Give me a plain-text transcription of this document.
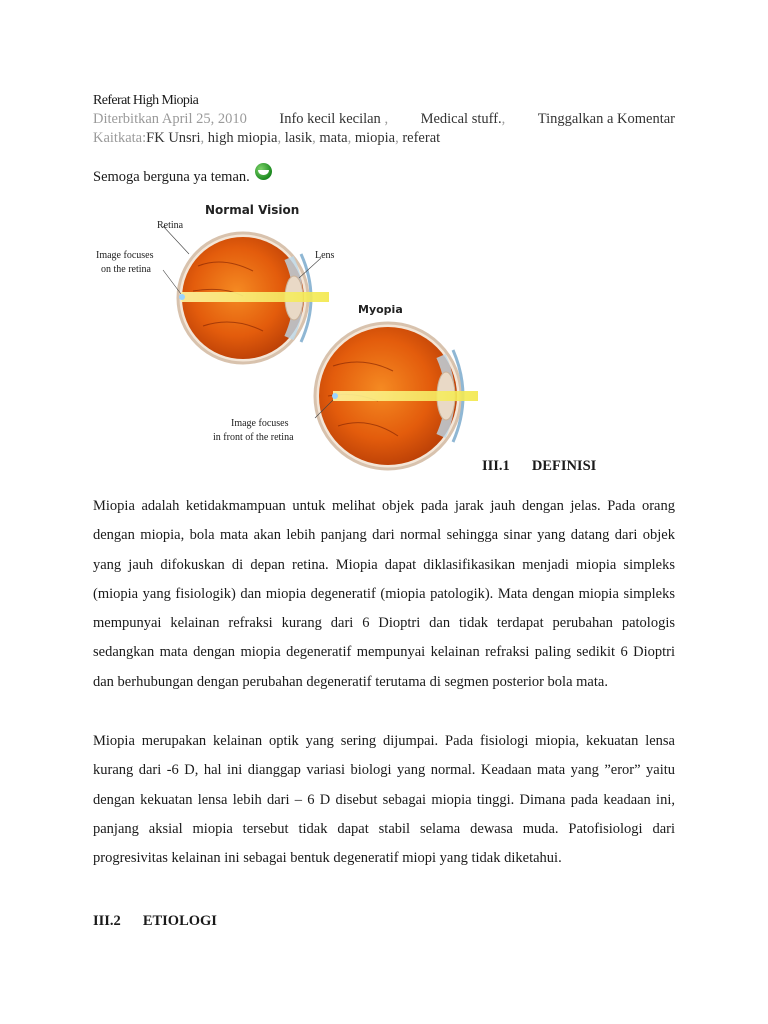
Referat High Miopia
Diterbitkan April 25, 2010 Info kecil kecilan , Medical stuff., Tinggalkan a Komentar
Kaitkata:FK Unsri, high miopia, lasik, mata, miopia, referat
Semoga berguna ya teman.
Normal Vision
Retina
Lens
Image focuses
on the retina
Myopia
Image focuses
in front of the retina
III.1 DEFINISI

Miopia adalah ketidakmampuan untuk melihat objek pada jarak jauh dengan jelas. Pada orang dengan miopia, bola mata akan lebih panjang dari normal sehingga sinar yang datang dari objek yang jauh difokuskan di depan retina. Miopia dapat diklasifikasikan menjadi miopia simpleks (miopia yang fisiologik) dan miopia degeneratif (miopia patologik). Mata dengan miopia simpleks mempunyai kelainan refraksi kurang dari 6 Dioptri dan tidak terdapat perubahan patologis sedangkan mata dengan miopia degeneratif mempunyai kelainan refraksi paling sedikit 6 Dioptri dan berhubungan dengan perubahan degeneratif terutama di segmen posterior bola mata.

Miopia merupakan kelainan optik yang sering dijumpai. Pada fisiologi miopia, kekuatan lensa kurang dari -6 D, hal ini dianggap variasi biologi yang normal. Keadaan mata yang ”eror” yaitu dengan kekuatan lensa lebih dari – 6 D disebut sebagai miopia tinggi. Dimana pada keadaan ini, panjang aksial miopia tersebut tidak dapat stabil selama dewasa muda. Patofisiologi dari progresivitas kelainan ini sebagai bentuk degeneratif miopi yang tidak diketahui.

III.2 ETIOLOGI
